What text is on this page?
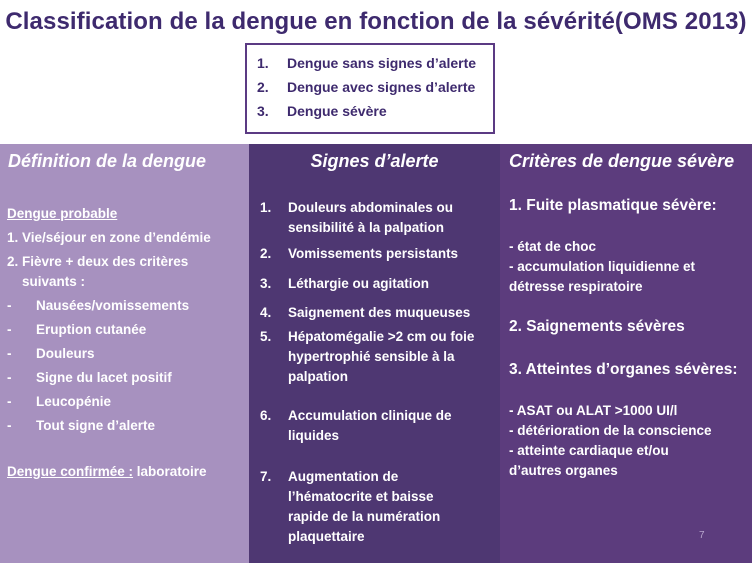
Classification de la dengue en fonction de la sévérité(OMS 2013)
1.	Dengue sans signes d’alerte
2.	Dengue avec signes d’alerte
3.	Dengue sévère
Définition de la dengue
Dengue probable
1. Vie/séjour en zone d’endémie
2. Fièvre + deux des critères
suivants :
- Nausées/vomissements
- Eruption cutanée
- Douleurs
- Signe du lacet positif
- Leucopénie
- Tout signe d’alerte
Dengue confirmée : laboratoire
Signes d’alerte
1. Douleurs abdominales ou
sensibilité à la palpation
2. Vomissements persistants
3. Léthargie ou agitation
4. Saignement des muqueuses
5. Hépatomégalie >2 cm ou foie
hypertrophié sensible à la
palpation
6. Accumulation clinique de
liquides
7. Augmentation de
l’hématocrite et baisse
rapide de la numération
plaquettaire
Critères de dengue sévère
1. Fuite plasmatique sévère:
- état de choc
- accumulation liquidienne et
détresse respiratoire
2. Saignements sévères
3. Atteintes d’organes sévères:
- ASAT ou ALAT >1000 UI/l
- détérioration de la conscience
- atteinte cardiaque et/ou
d’autres organes
7
